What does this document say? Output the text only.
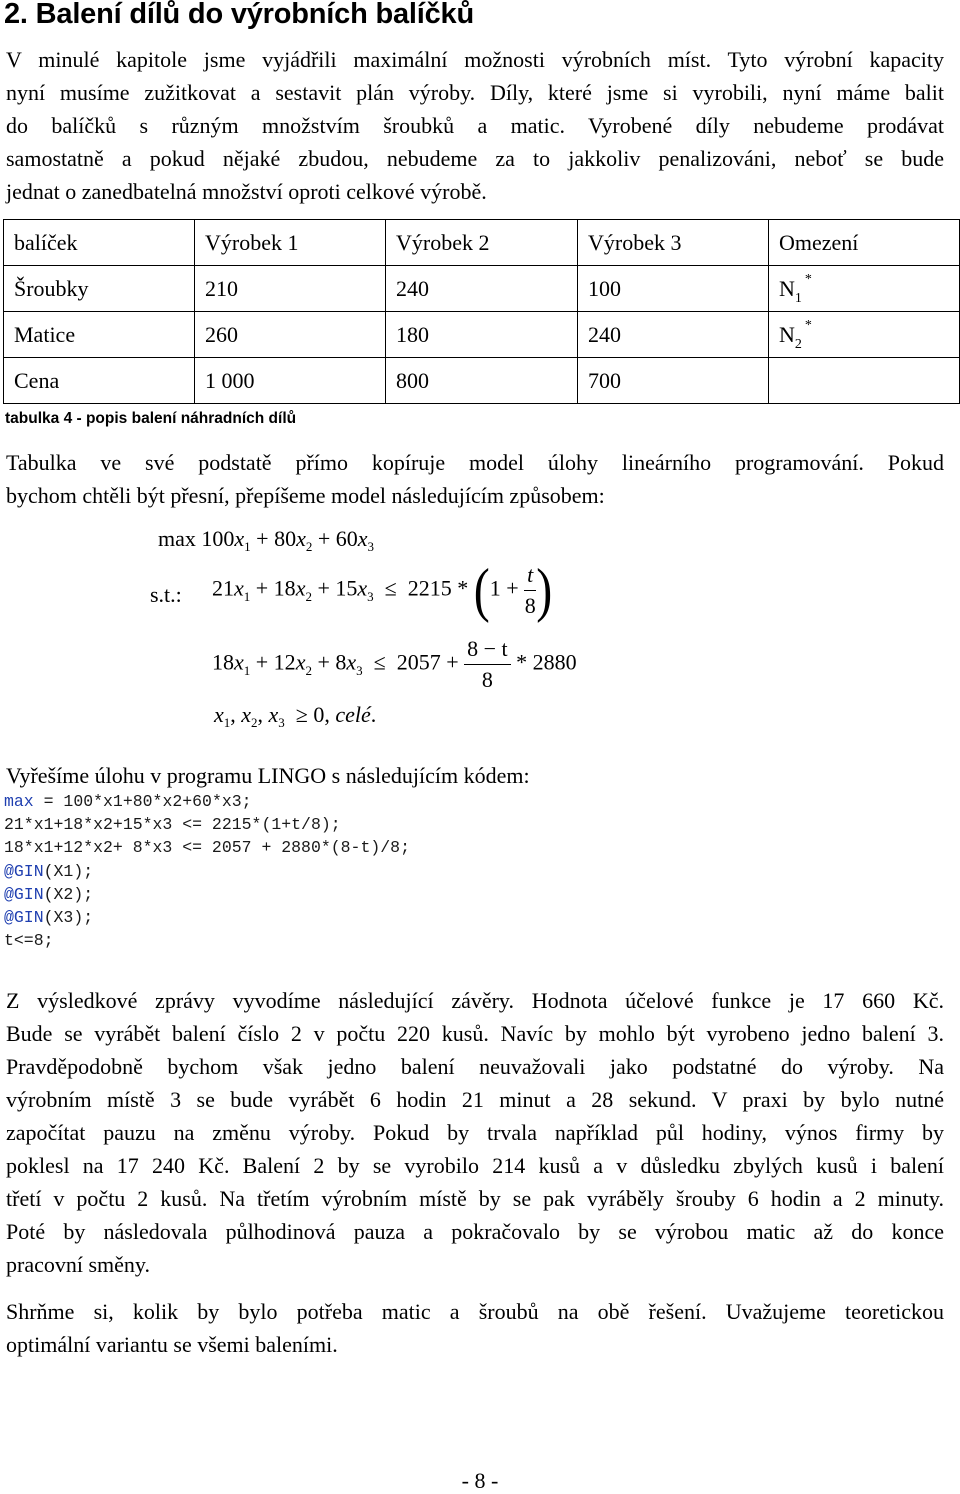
2. Balení dílů do výrobních balíčků
V minulé kapitole jsme vyjádřili maximální možnosti výrobních míst. Tyto výrobní kapacity
nyní musíme zužitkovat a sestavit plán výroby. Díly, které jsme si vyrobili, nyní máme balit
do balíčků s různým množstvím šroubků a matic. Vyrobené díly nebudeme prodávat
samostatně a pokud nějaké zbudou, nebudeme za to jakkoliv penalizováni, neboť se bude
jednat o zanedbatelná množství oproti celkové výrobě.
balíček	Výrobek 1	Výrobek 2	Výrobek 3	Omezení
Šroubky	210	240	100	$N_1^*$
Matice	260	180	240	$N_2^*$
Cena	1 000	800	700	
tabulka 4 - popis balení náhradních dílů
Tabulka ve své podstatě přímo kopíruje model úlohy lineárního programování. Pokud
bychom chtěli být přesní, přepíšeme model následujícím způsobem:
$\max 100x_1 + 80x_2 + 60x_3$
s.t.: $21x_1 + 18x_2 + 15x_3 \le 2215 * (1 + \frac{t}{8}$ )
$18x_1 + 12x_2 + 8x_3 \le 2057 + \frac{8 - t}{8} * 2880$
$x_1$, $x_2$, $x_3 \ge 0$, celé.
Vyřešíme úlohu v programu LINGO s následujícím kódem:
max = 100*x1+80*x2+60*x3;
21*x1+18*x2+15*x3 <= 2215*(1+t/8);
18*x1+12*x2+ 8*x3 <= 2057 + 2880*(8-t)/8;
@GIN(X1);
@GIN(X2);
@GIN(X3);
t<=8;
Z výsledkové zprávy vyvodíme následující závěry. Hodnota účelové funkce je 17 660 Kč.
Bude se vyrábět balení číslo 2 v počtu 220 kusů. Navíc by mohlo být vyrobeno jedno balení 3.
Pravděpodobně bychom však jedno balení neuvažovali jako podstatné do výroby. Na
výrobním místě 3 se bude vyrábět 6 hodin 21 minut a 28 sekund. V praxi by bylo nutné
započítat pauzu na změnu výroby. Pokud by trvala například půl hodiny, výnos firmy by
poklesl na 17 240 Kč. Balení 2 by se vyrobilo 214 kusů a v důsledku zbylých kusů i balení
třetí v počtu 2 kusů. Na třetím výrobním místě by se pak vyráběly šrouby 6 hodin a 2 minuty.
Poté by následovala půlhodinová pauza a pokračovalo by se výrobou matic až do konce
pracovní směny.
Shrňme si, kolik by bylo potřeba matic a šroubů na obě řešení. Uvažujeme teoretickou
optimální variantu se všemi baleními.
- 8 -
